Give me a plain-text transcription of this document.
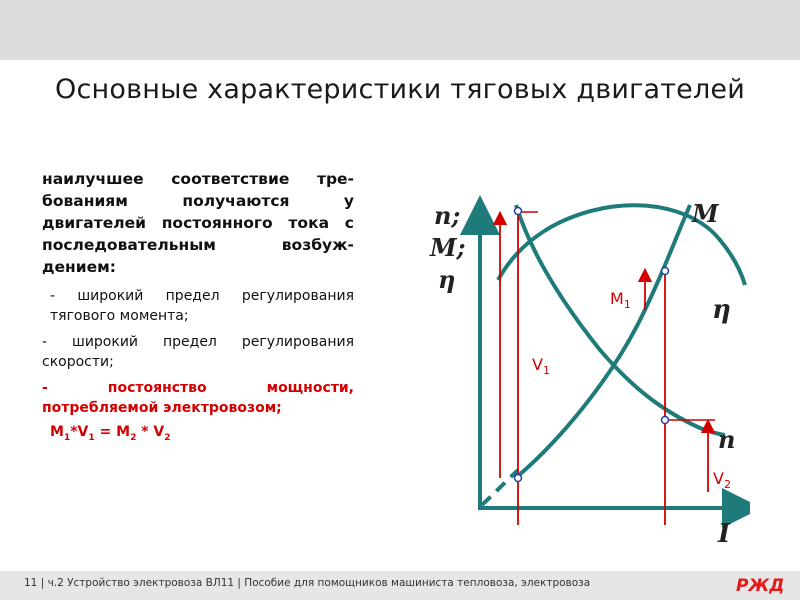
Основные характеристики тяговых двигателей

наилучшее соответствие тре-бованиям получаются у двигателей постоянного тока с последовательным возбуж-дением:

- широкий предел регулирования тягового момента;

- широкий предел регулирования скорости;

- постоянство мощности, потребляемой электровозом;

$M_1*V_1 = M_2 * V_2$
n;
M;
η
M
η
n
I
$M_1$
$V_1$
$V_2$
11 | ч.2 Устройство электровоза ВЛ11 | Пособие для помощников машиниста тепловоза, электровоза	РЖД
